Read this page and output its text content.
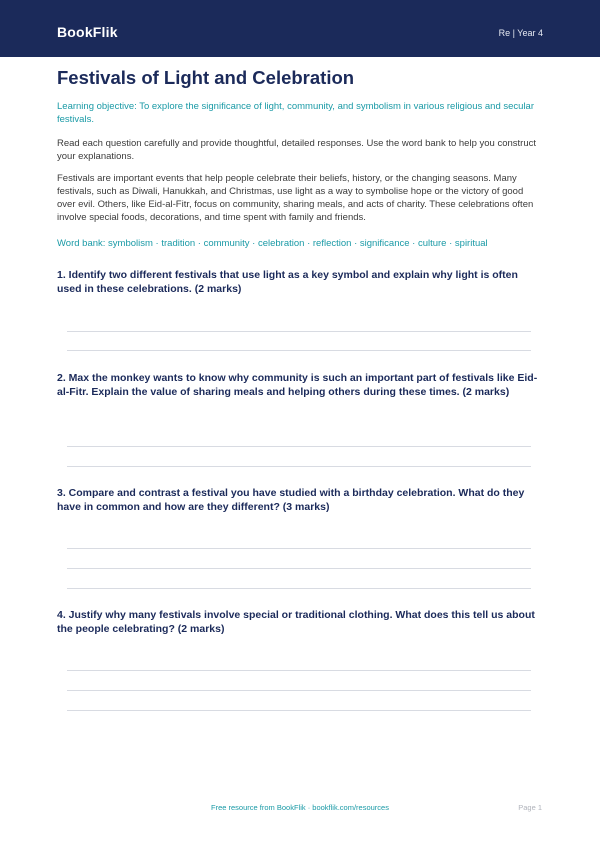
BookFlik	Re | Year 4
Festivals of Light and Celebration
Learning objective: To explore the significance of light, community, and symbolism in various religious and secular festivals.
Read each question carefully and provide thoughtful, detailed responses. Use the word bank to help you construct your explanations.
Festivals are important events that help people celebrate their beliefs, history, or the changing seasons. Many festivals, such as Diwali, Hanukkah, and Christmas, use light as a way to symbolise hope or the victory of good over evil. Others, like Eid-al-Fitr, focus on community, sharing meals, and acts of charity. These celebrations often involve special foods, decorations, and time spent with family and friends.
Word bank: symbolism · tradition · community · celebration · reflection · significance · culture · spiritual
1. Identify two different festivals that use light as a key symbol and explain why light is often used in these celebrations. (2 marks)
2. Max the monkey wants to know why community is such an important part of festivals like Eid-al-Fitr. Explain the value of sharing meals and helping others during these times. (2 marks)
3. Compare and contrast a festival you have studied with a birthday celebration. What do they have in common and how are they different? (3 marks)
4. Justify why many festivals involve special or traditional clothing. What does this tell us about the people celebrating? (2 marks)
Free resource from BookFlik · bookflik.com/resources	Page 1
